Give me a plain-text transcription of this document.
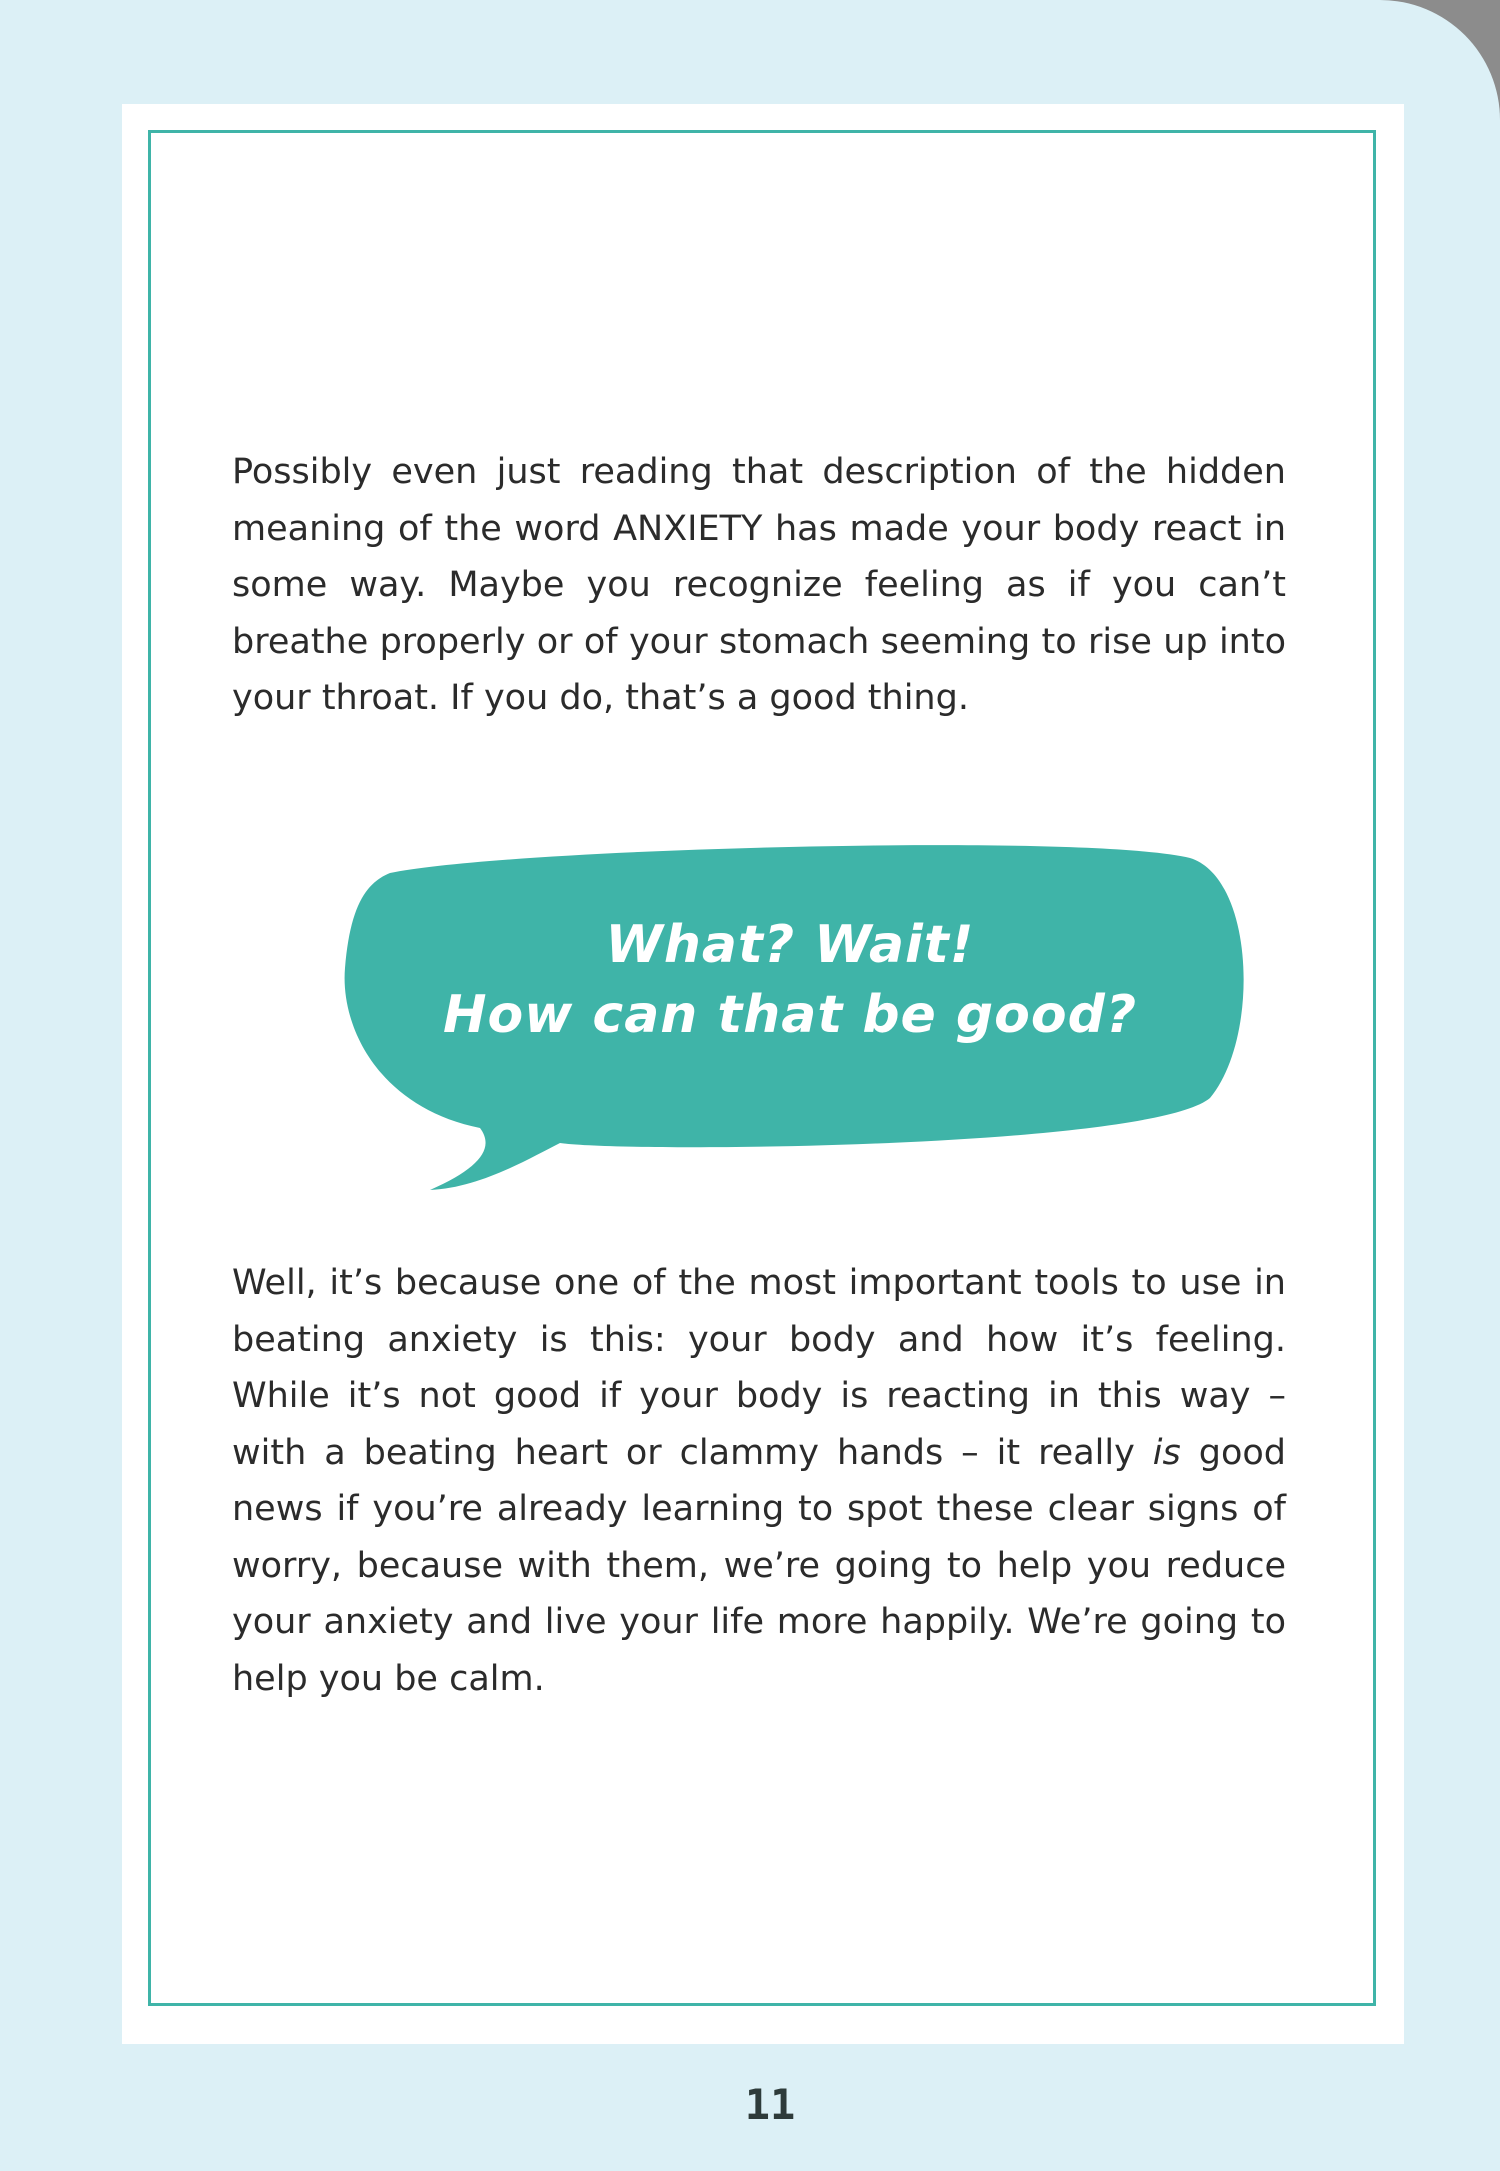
Possibly even just reading that description of the hidden meaning of the word ANXIETY has made your body react in some way. Maybe you recognize feeling as if you can’t breathe properly or of your stomach seeming to rise up into your throat. If you do, that’s a good thing.

What? Wait!
How can that be good?

Well, it’s because one of the most important tools to use in beating anxiety is this: your body and how it’s feeling. While it’s not good if your body is reacting in this way – with a beating heart or clammy hands – it really is good news if you’re already learning to spot these clear signs of worry, because with them, we’re going to help you reduce your anxiety and live your life more happily. We’re going to help you be calm.

11
